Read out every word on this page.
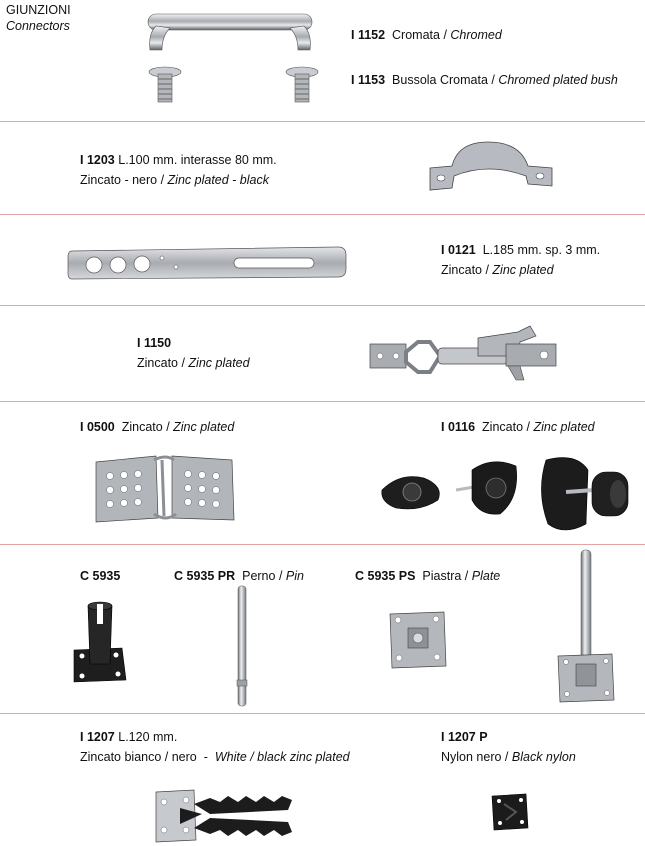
GIUNZIONI
Connectors
I 1152 Cromata / Chromed
I 1153 Bussola Cromata / Chromed plated bush
I 1203 L.100 mm. interasse 80 mm.
Zincato - nero / Zinc plated - black
I 0121 L.185 mm. sp. 3 mm.
Zincato / Zinc plated
I 1150
Zincato / Zinc plated
I 0500 Zincato / Zinc plated	I 0116 Zincato / Zinc plated
C 5935	C 5935 PR Perno / Pin	C 5935 PS Piastra / Plate
I 1207 L.120 mm.
Zincato bianco / nero  -  White / black zinc plated
I 1207 P
Nylon nero / Black nylon
